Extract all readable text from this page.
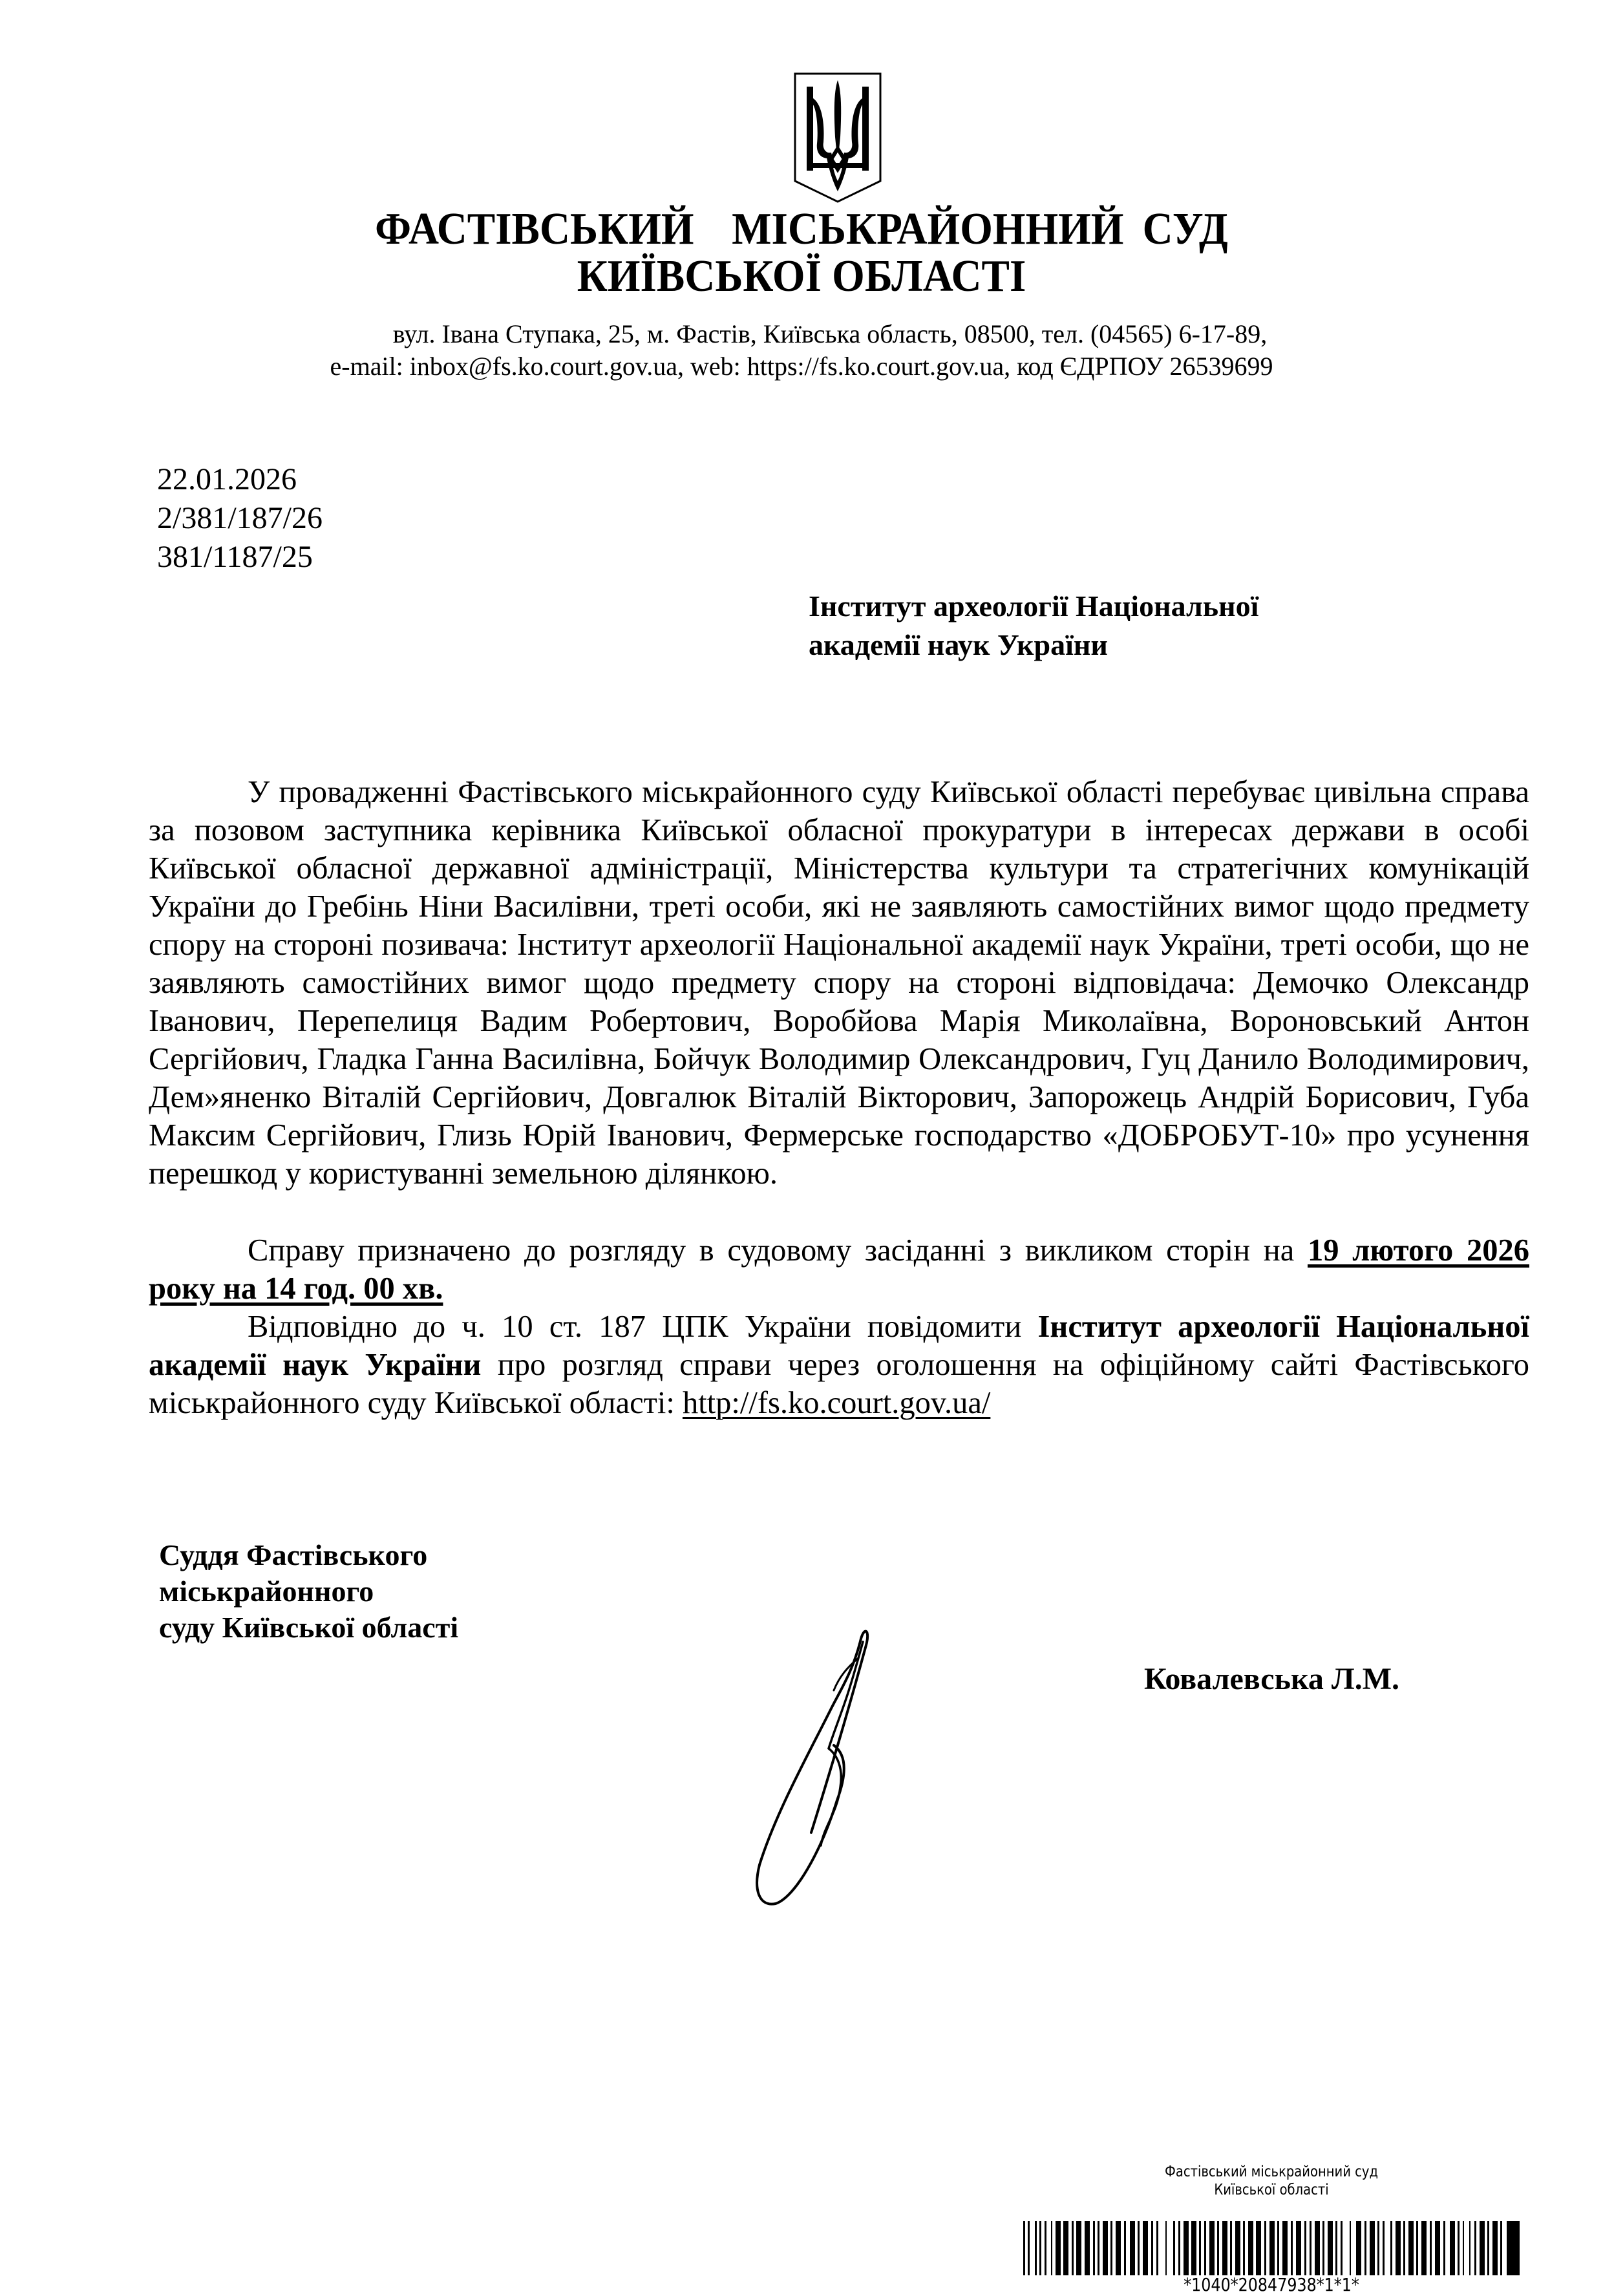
ФАСТІВСЬКИЙ  МІСЬКРАЙОННИЙ СУД
КИЇВСЬКОЇ ОБЛАСТІ
вул. Івана Ступака, 25, м. Фастів, Київська область, 08500, тел. (04565) 6-17-89,
e-mail: inbox@fs.ko.court.gov.ua, web: https://fs.ko.court.gov.ua, код ЄДРПОУ 26539699
22.01.2026
2/381/187/26
381/1187/25
Інститут археології Національної
академії наук України

У провадженні Фастівського міськрайонного суду Київської області перебуває цивільна справа за позовом заступника керівника Київської обласної прокуратури в інтересах держави в особі Київської обласної державної адміністрації, Міністерства культури та стратегічних комунікацій України до Гребінь Ніни Василівни, треті особи, які не заявляють самостійних вимог щодо предмету спору на стороні позивача: Інститут археології Національної академії наук України, треті особи, що не заявляють самостійних вимог щодо предмету спору на стороні відповідача: Демочко Олександр Іванович, Перепелиця Вадим Робертович, Воробйова Марія Миколаївна, Вороновський Антон Сергійович, Гладка Ганна Василівна, Бойчук Володимир Олександрович, Гуц Данило Володимирович, Дем»яненко Віталій Сергійович, Довгалюк Віталій Вікторович, Запорожець Андрій Борисович, Губа Максим Сергійович, Глизь Юрій Іванович, Фермерське господарство «ДОБРОБУТ-10» про усунення перешкод у користуванні земельною ділянкою.

Справу призначено до розгляду в судовому засіданні з викликом сторін на 19 лютого 2026 року на 14 год. 00 хв.

Відповідно до ч. 10 ст. 187 ЦПК України повідомити Інститут археології Національної академії наук України про розгляд справи через оголошення на офіційному сайті Фастівського міськрайонного суду Київської області: http://fs.ko.court.gov.ua/

Суддя Фастівського
міськрайонного
суду Київської області
Ковалевська Л.М.
Фастівський міськрайонний суд
Київської області
*1040*20847938*1*1*
